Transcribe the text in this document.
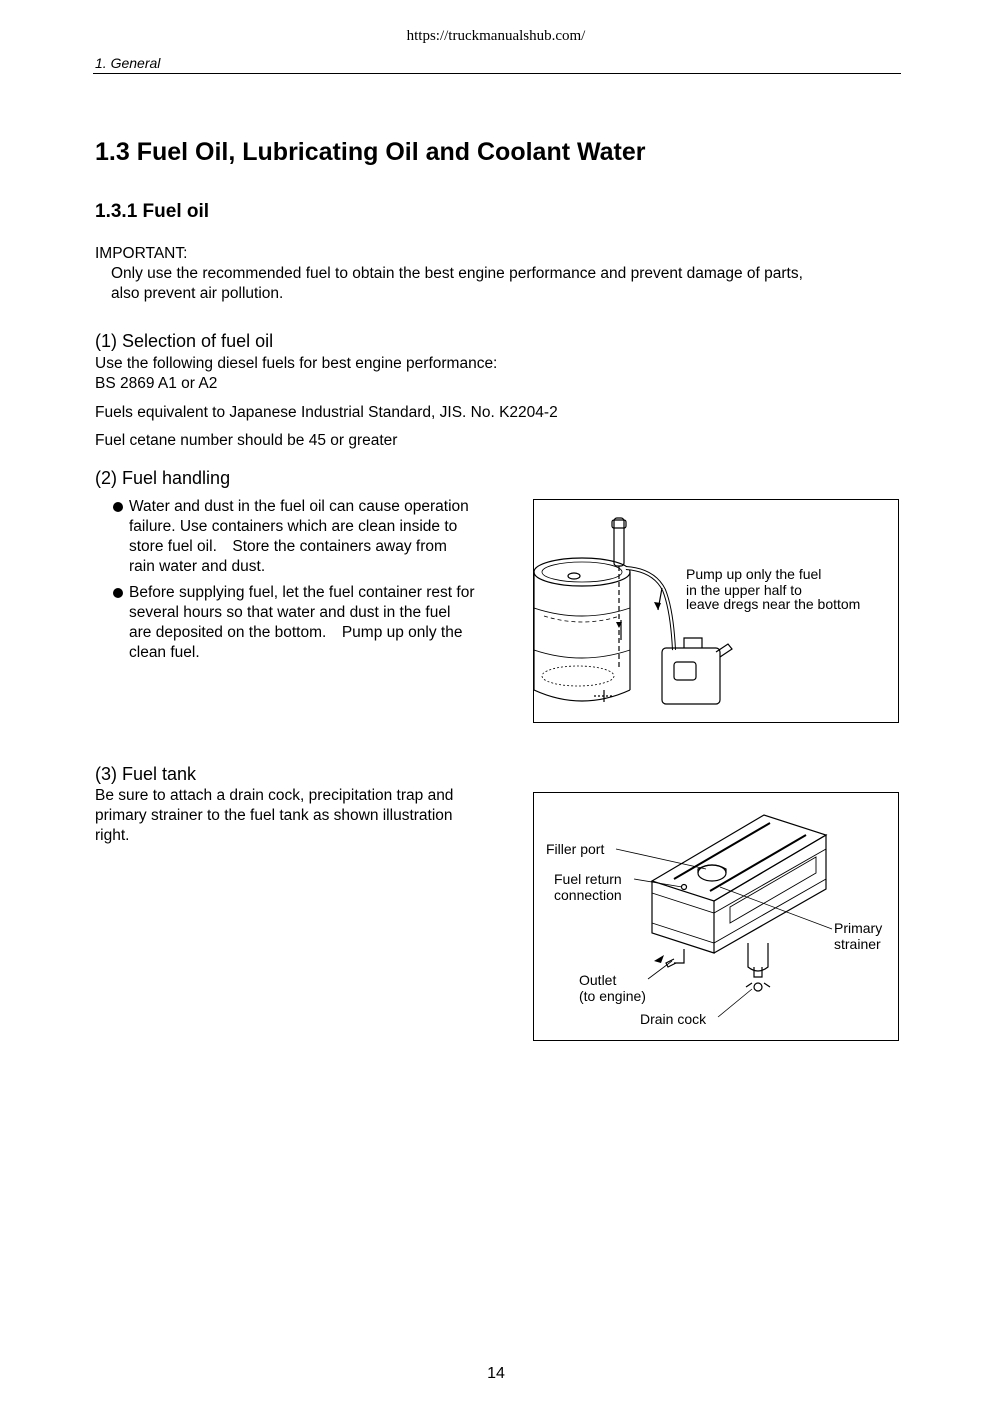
https://truckmanualshub.com/
1. General
1.3 Fuel Oil, Lubricating Oil and Coolant Water
1.3.1 Fuel oil
IMPORTANT:
Only use the recommended fuel to obtain the best engine performance and prevent damage of parts,
also prevent air pollution.
(1) Selection of fuel oil
Use the following diesel fuels for best engine performance:
BS 2869 A1 or A2
Fuels equivalent to Japanese Industrial Standard, JIS. No. K2204-2
Fuel cetane number should be 45 or greater
(2) Fuel handling
Water and dust in the fuel oil can cause operation
failure. Use containers which are clean inside to
store fuel oil.　Store the containers away from
rain water and dust.
Before supplying fuel, let the fuel container rest for
several hours so that water and dust in the fuel
are deposited on the bottom.　Pump up only the
clean fuel.
Pump up only the fuel
in the upper half to
leave dregs near the bottom
(3) Fuel tank
Be sure to attach a drain cock, precipitation trap and
primary strainer to the fuel tank as shown illustration
right.
Filler port
Fuel return
connection
Primary
strainer
Outlet
(to engine)
Drain cock
14
